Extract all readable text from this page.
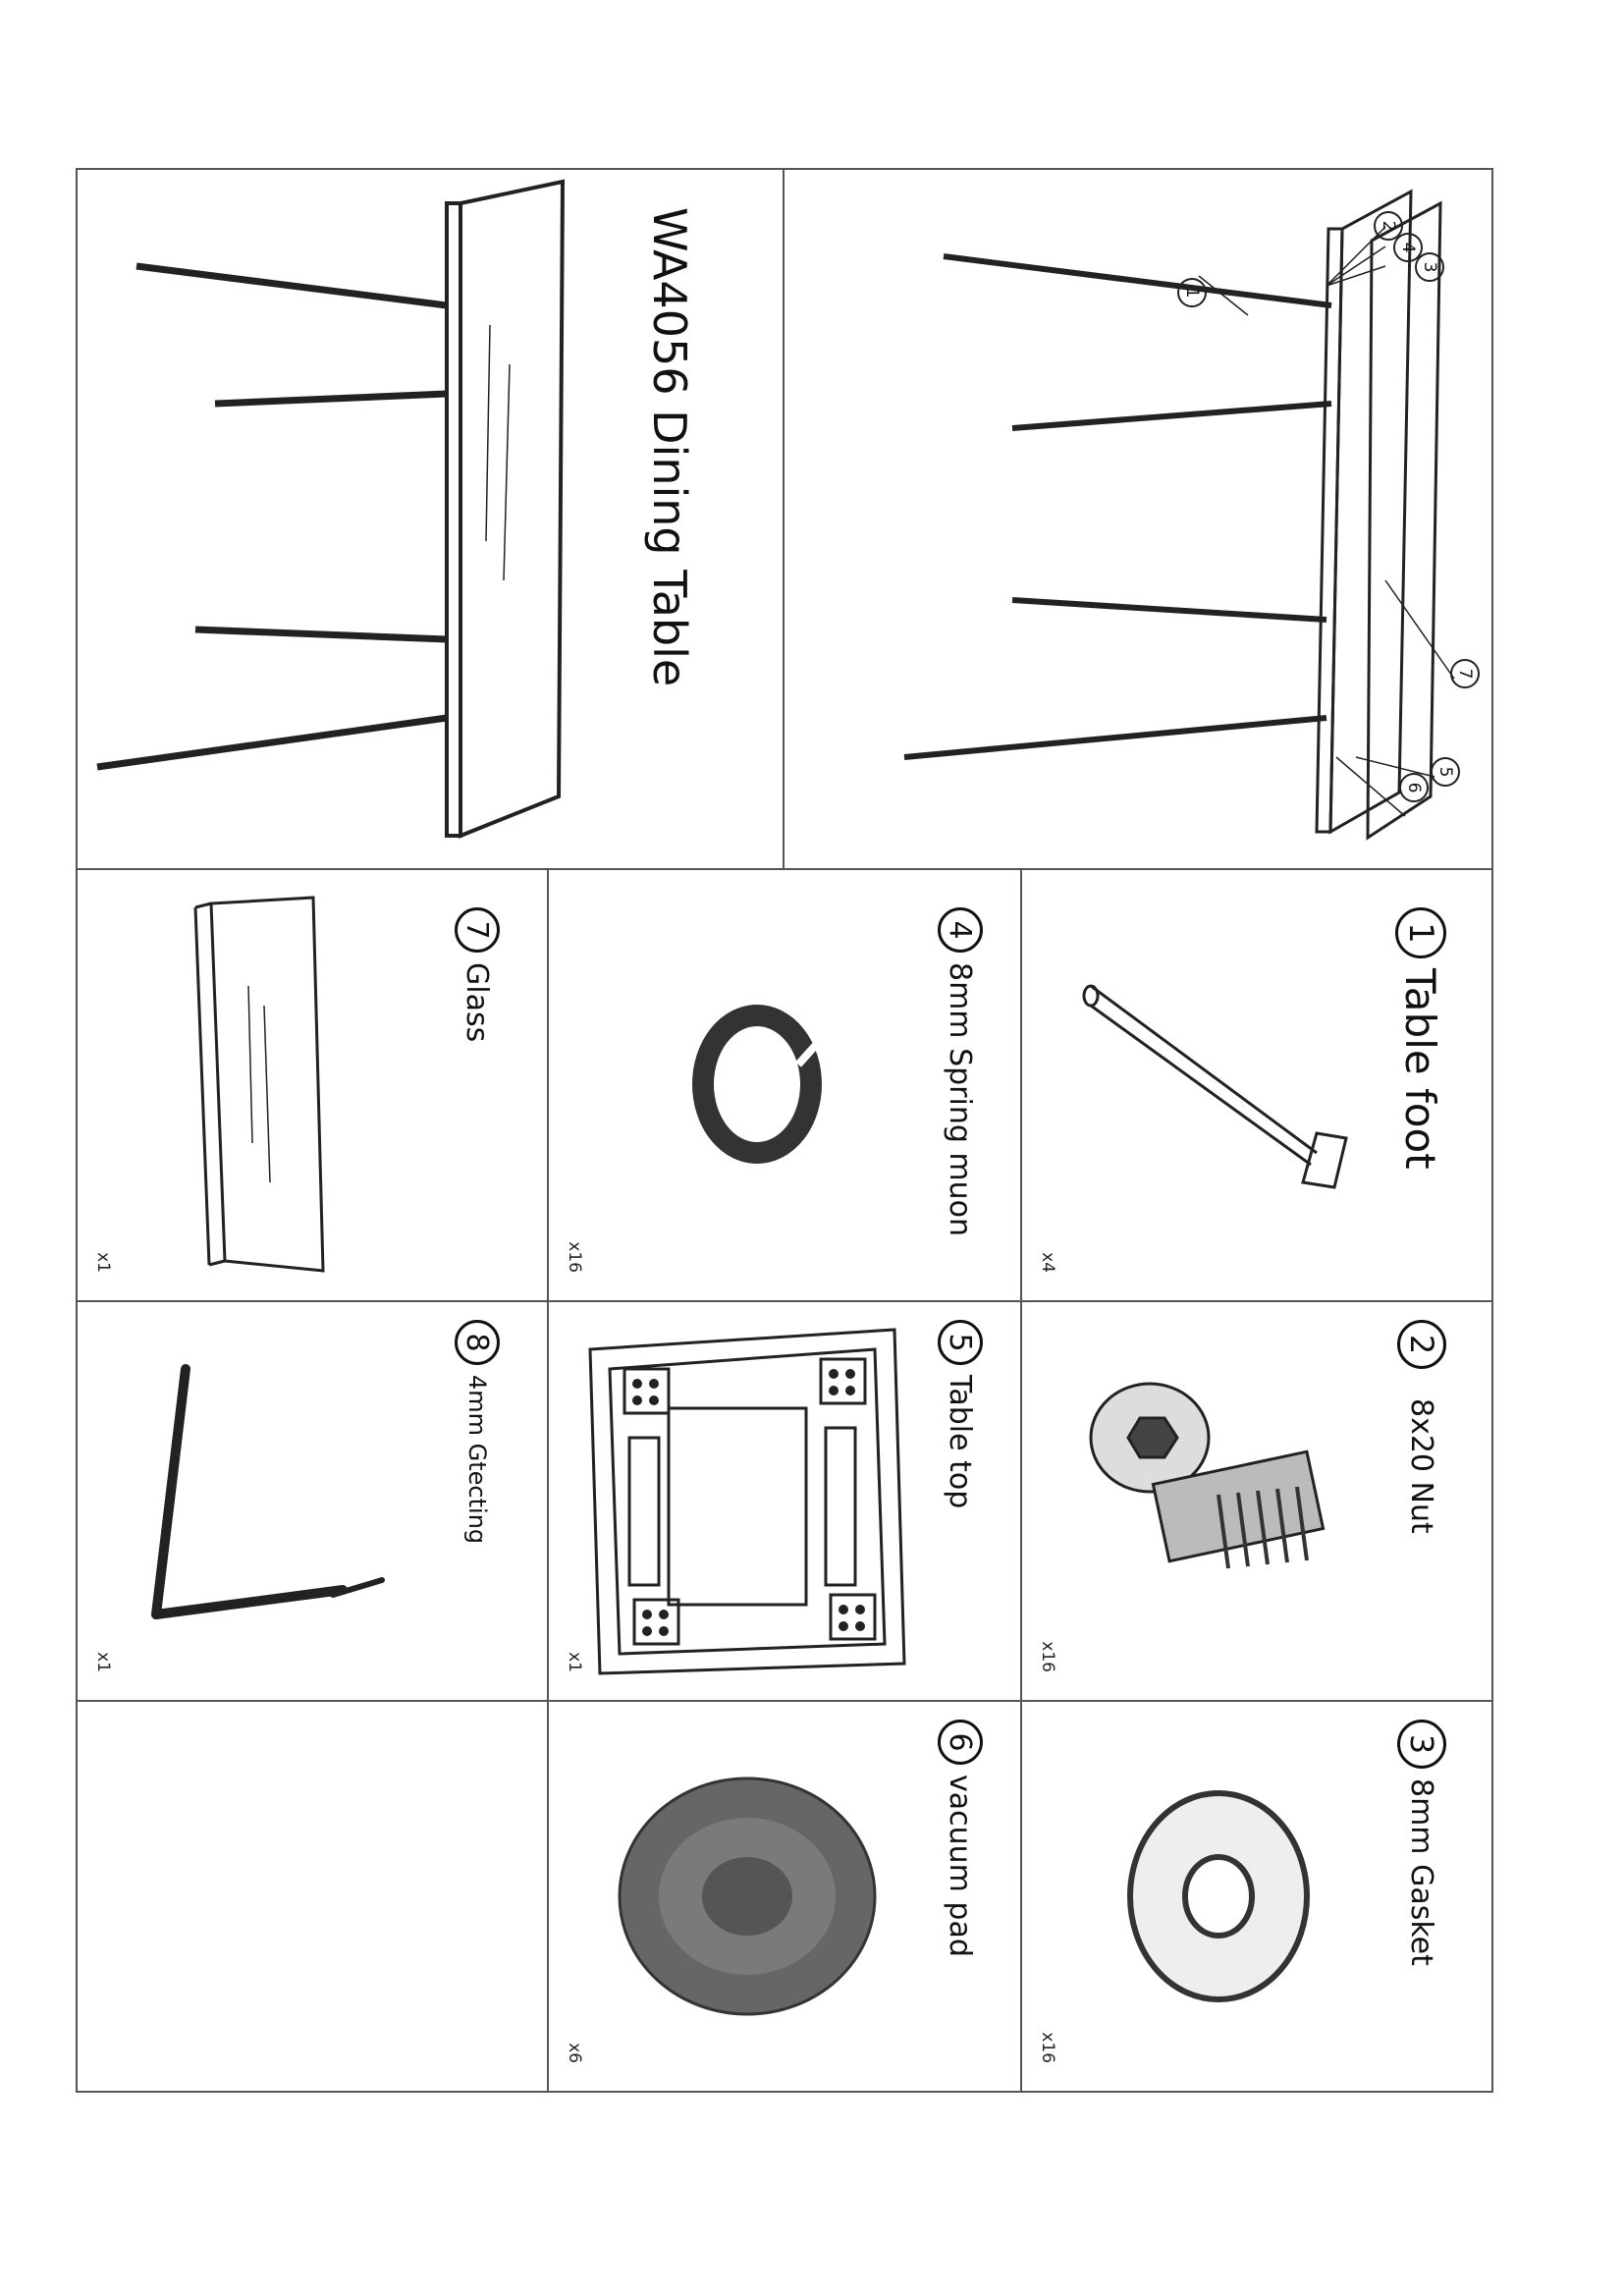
1
2
3
4
5
6
7
WA4056 Dining Table
1
Table foot
x4
4
8mm Spring muon
x16
7
Glass
x1
2
8x20 Nut
x16
5
Table top
x1
8
4mm Gtecting
x1
3
8mm Gasket
x16
6
vacuum pad
x6
